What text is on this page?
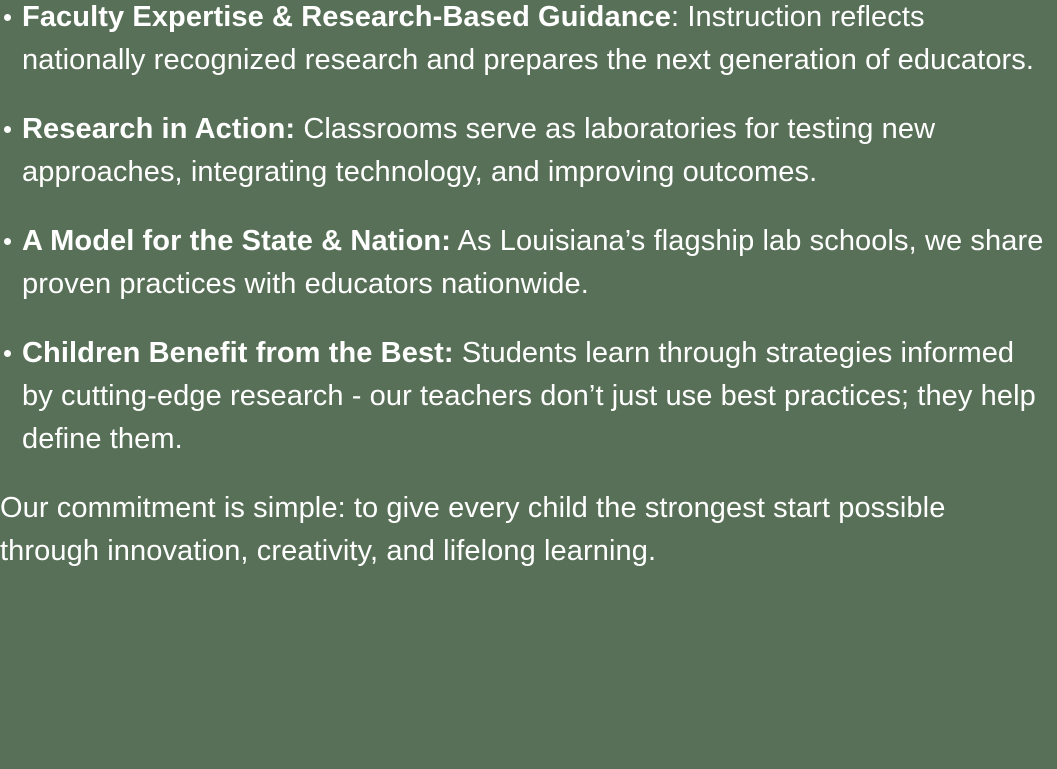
Faculty Expertise & Research-Based Guidance: Instruction reflects nationally recognized research and prepares the next generation of educators.
Research in Action: Classrooms serve as laboratories for testing new approaches, integrating technology, and improving outcomes.
A Model for the State & Nation: As Louisiana’s flagship lab schools, we share proven practices with educators nationwide.
Children Benefit from the Best: Students learn through strategies informed by cutting-edge research - our teachers don’t just use best practices; they help define them.

Our commitment is simple: to give every child the strongest start possible through innovation, creativity, and lifelong learning.
